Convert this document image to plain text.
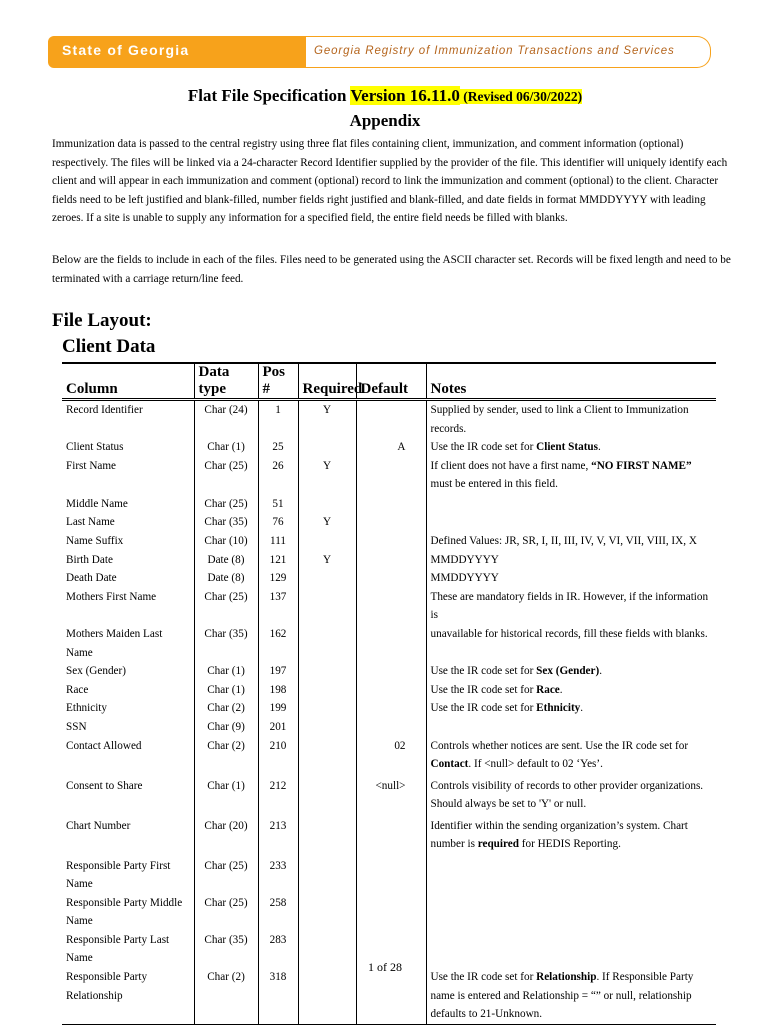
State of Georgia	Georgia Registry of Immunization Transactions and Services
Flat File Specification Version 16.11.0 (Revised 06/30/2022)
Appendix
Immunization data is passed to the central registry using three flat files containing client, immunization, and comment information (optional) respectively. The files will be linked via a 24-character Record Identifier supplied by the provider of the file. This identifier will uniquely identify each client and will appear in each immunization and comment (optional) record to link the immunization and comment (optional) to the client. Character fields need to be left justified and blank-filled, number fields right justified and blank-filled, and date fields in format MMDDYYYY with leading zeroes. If a site is unable to supply any information for a specified field, the entire field needs be filled with blanks.
Below are the fields to include in each of the files. Files need to be generated using the ASCII character set. Records will be fixed length and need to be terminated with a carriage return/line feed.
File Layout:
Client Data
Column	Data type	Pos #	Required	Default	Notes
Record Identifier	Char (24)	1	Y		Supplied by sender, used to link a Client to Immunization records.
Client Status	Char (1)	25		A	Use the IR code set for Client Status.
First Name	Char (25)	26	Y		If client does not have a first name, “NO FIRST NAME” must be entered in this field.
Middle Name	Char (25)	51			
Last Name	Char (35)	76	Y		
Name Suffix	Char (10)	111			Defined Values: JR, SR, I, II, III, IV, V, VI, VII, VIII, IX, X
Birth Date	Date (8)	121	Y		MMDDYYYY
Death Date	Date (8)	129			MMDDYYYY
Mothers First Name	Char (25)	137			These are mandatory fields in IR. However, if the information is
Mothers Maiden Last Name	Char (35)	162			unavailable for historical records, fill these fields with blanks.
Sex (Gender)	Char (1)	197			Use the IR code set for Sex (Gender).
Race	Char (1)	198			Use the IR code set for Race.
Ethnicity	Char (2)	199			Use the IR code set for Ethnicity.
SSN	Char (9)	201			
Contact Allowed	Char (2)	210		02	Controls whether notices are sent. Use the IR code set for Contact. If <null> default to 02 ‘Yes’.
Consent to Share	Char (1)	212		<null>	Controls visibility of records to other provider organizations. Should always be set to 'Y' or null.
Chart Number	Char (20)	213			Identifier within the sending organization’s system. Chart number is required for HEDIS Reporting.
Responsible Party First Name	Char (25)	233			
Responsible Party Middle Name	Char (25)	258			
Responsible Party Last Name	Char (35)	283			
Responsible Party Relationship	Char (2)	318			Use the IR code set for Relationship. If Responsible Party name is entered and Relationship = “” or null, relationship defaults to 21-Unknown.
1 of 28
